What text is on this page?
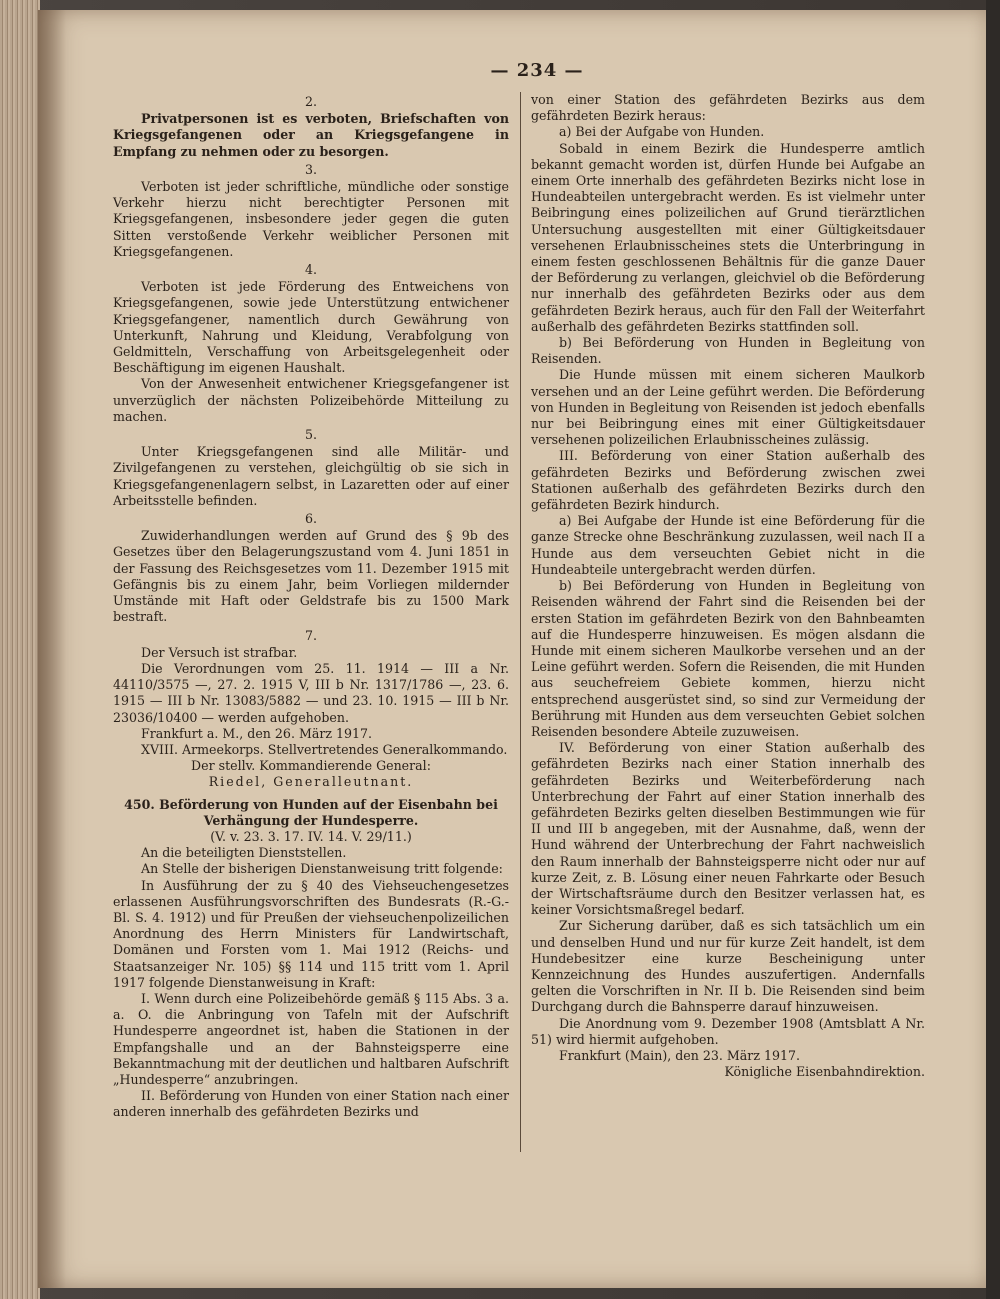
— 234 —

2.

Privatpersonen ist es verboten, Briefschaften von Kriegsgefangenen oder an Kriegsgefangene in Empfang zu nehmen oder zu besorgen.

3.

Verboten ist jeder schriftliche, mündliche oder sonstige Verkehr hierzu nicht berechtigter Personen mit Kriegsgefangenen, insbesondere jeder gegen die guten Sitten verstoßende Verkehr weiblicher Personen mit Kriegsgefangenen.

4.

Verboten ist jede Förderung des Entweichens von Kriegsgefangenen, sowie jede Unterstützung entwichener Kriegsgefangener, namentlich durch Gewährung von Unterkunft, Nahrung und Kleidung, Verabfolgung von Geldmitteln, Verschaffung von Arbeitsgelegenheit oder Beschäftigung im eigenen Haushalt.

Von der Anwesenheit entwichener Kriegsgefangener ist unverzüglich der nächsten Polizeibehörde Mitteilung zu machen.

5.

Unter Kriegsgefangenen sind alle Militär- und Zivilgefangenen zu verstehen, gleichgültig ob sie sich in Kriegsgefangenenlagern selbst, in Lazaretten oder auf einer Arbeitsstelle befinden.

6.

Zuwiderhandlungen werden auf Grund des § 9b des Gesetzes über den Belagerungszustand vom 4. Juni 1851 in der Fassung des Reichsgesetzes vom 11. Dezember 1915 mit Gefängnis bis zu einem Jahr, beim Vorliegen mildernder Umstände mit Haft oder Geldstrafe bis zu 1500 Mark bestraft.

7.

Der Versuch ist strafbar.

Die Verordnungen vom 25. 11. 1914 — III a Nr. 44110/3575 —, 27. 2. 1915 V, III b Nr. 1317/1786 —, 23. 6. 1915 — III b Nr. 13083/5882 — und 23. 10. 1915 — III b Nr. 23036/10400 — werden aufgehoben.

Frankfurt a. M., den 26. März 1917.

XVIII. Armeekorps. Stellvertretendes Generalkommando.

Der stellv. Kommandierende General:

Riedel, Generalleutnant.

450. Beförderung von Hunden auf der Eisenbahn bei Verhängung der Hundesperre.

(V. v. 23. 3. 17. IV. 14. V. 29/11.)

An die beteiligten Dienststellen.

An Stelle der bisherigen Dienstanweisung tritt folgende:

In Ausführung der zu § 40 des Viehseuchengesetzes erlassenen Ausführungsvorschriften des Bundesrats (R.-G.-Bl. S. 4. 1912) und für Preußen der viehseuchenpolizeilichen Anordnung des Herrn Ministers für Landwirtschaft, Domänen und Forsten vom 1. Mai 1912 (Reichs- und Staatsanzeiger Nr. 105) §§ 114 und 115 tritt vom 1. April 1917 folgende Dienstanweisung in Kraft:

I. Wenn durch eine Polizeibehörde gemäß § 115 Abs. 3 a. a. O. die Anbringung von Tafeln mit der Aufschrift Hundesperre angeordnet ist, haben die Stationen in der Empfangshalle und an der Bahnsteigsperre eine Bekanntmachung mit der deutlichen und haltbaren Aufschrift „Hundesperre“ anzubringen.

II. Beförderung von Hunden von einer Station nach einer anderen innerhalb des gefährdeten Bezirks und

von einer Station des gefährdeten Bezirks aus dem gefährdeten Bezirk heraus:

a) Bei der Aufgabe von Hunden.

Sobald in einem Bezirk die Hundesperre amtlich bekannt gemacht worden ist, dürfen Hunde bei Aufgabe an einem Orte innerhalb des gefährdeten Bezirks nicht lose in Hundeabteilen untergebracht werden. Es ist vielmehr unter Beibringung eines polizeilichen auf Grund tierärztlichen Untersuchung ausgestellten mit einer Gültigkeitsdauer versehenen Erlaubnisscheines stets die Unterbringung in einem festen geschlossenen Behältnis für die ganze Dauer der Beförderung zu verlangen, gleichviel ob die Beförderung nur innerhalb des gefährdeten Bezirks oder aus dem gefährdeten Bezirk heraus, auch für den Fall der Weiterfahrt außerhalb des gefährdeten Bezirks stattfinden soll.

b) Bei Beförderung von Hunden in Begleitung von Reisenden.

Die Hunde müssen mit einem sicheren Maulkorb versehen und an der Leine geführt werden. Die Beförderung von Hunden in Begleitung von Reisenden ist jedoch ebenfalls nur bei Beibringung eines mit einer Gültigkeitsdauer versehenen polizeilichen Erlaubnisscheines zulässig.

III. Beförderung von einer Station außerhalb des gefährdeten Bezirks und Beförderung zwischen zwei Stationen außerhalb des gefährdeten Bezirks durch den gefährdeten Bezirk hindurch.

a) Bei Aufgabe der Hunde ist eine Beförderung für die ganze Strecke ohne Beschränkung zuzulassen, weil nach II a Hunde aus dem verseuchten Gebiet nicht in die Hundeabteile untergebracht werden dürfen.

b) Bei Beförderung von Hunden in Begleitung von Reisenden während der Fahrt sind die Reisenden bei der ersten Station im gefährdeten Bezirk von den Bahnbeamten auf die Hundesperre hinzuweisen. Es mögen alsdann die Hunde mit einem sicheren Maulkorbe versehen und an der Leine geführt werden. Sofern die Reisenden, die mit Hunden aus seuchefreiem Gebiete kommen, hierzu nicht entsprechend ausgerüstet sind, so sind zur Vermeidung der Berührung mit Hunden aus dem verseuchten Gebiet solchen Reisenden besondere Abteile zuzuweisen.

IV. Beförderung von einer Station außerhalb des gefährdeten Bezirks nach einer Station innerhalb des gefährdeten Bezirks und Weiterbeförderung nach Unterbrechung der Fahrt auf einer Station innerhalb des gefährdeten Bezirks gelten dieselben Bestimmungen wie für II und III b angegeben, mit der Ausnahme, daß, wenn der Hund während der Unterbrechung der Fahrt nachweislich den Raum innerhalb der Bahnsteigsperre nicht oder nur auf kurze Zeit, z. B. Lösung einer neuen Fahrkarte oder Besuch der Wirtschaftsräume durch den Besitzer verlassen hat, es keiner Vorsichtsmaßregel bedarf.

Zur Sicherung darüber, daß es sich tatsächlich um ein und denselben Hund und nur für kurze Zeit handelt, ist dem Hundebesitzer eine kurze Bescheinigung unter Kennzeichnung des Hundes auszufertigen. Andernfalls gelten die Vorschriften in Nr. II b. Die Reisenden sind beim Durchgang durch die Bahnsperre darauf hinzuweisen.

Die Anordnung vom 9. Dezember 1908 (Amtsblatt A Nr. 51) wird hiermit aufgehoben.

Frankfurt (Main), den 23. März 1917.

Königliche Eisenbahndirektion.
